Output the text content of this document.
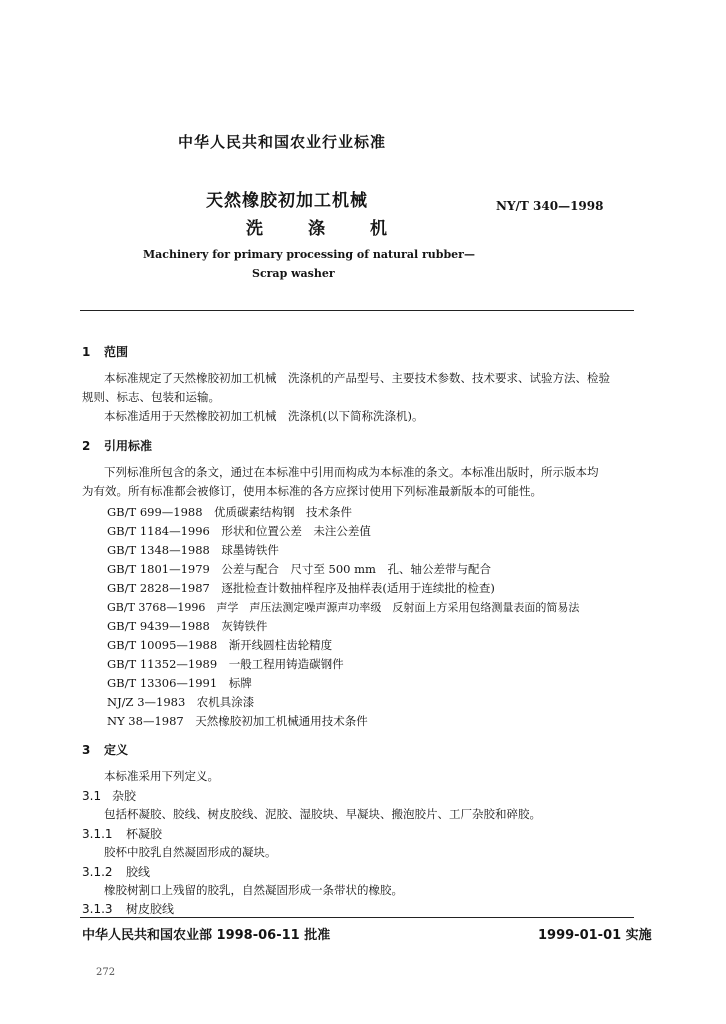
中华人民共和国农业行业标准
天然橡胶初加工机械
洗　涤　机
NY/T 340—1998
Machinery for primary processing of natural rubber—
Scrap washer
1 范围
本标准规定了天然橡胶初加工机械　洗涤机的产品型号、主要技术参数、技术要求、试验方法、检验
规则、标志、包装和运输。
本标准适用于天然橡胶初加工机械　洗涤机(以下简称洗涤机)。
2 引用标准
下列标准所包含的条文，通过在本标准中引用而构成为本标准的条文。本标准出版时，所示版本均
为有效。所有标准都会被修订，使用本标准的各方应探讨使用下列标准最新版本的可能性。
GB/T 699—1988　优质碳素结构钢　技术条件
GB/T 1184—1996　形状和位置公差　未注公差值
GB/T 1348—1988　球墨铸铁件
GB/T 1801—1979　公差与配合　尺寸至 500 mm　孔、轴公差带与配合
GB/T 2828—1987　逐批检查计数抽样程序及抽样表(适用于连续批的检查)
GB/T 3768—1996　声学　声压法测定噪声源声功率级　反射面上方采用包络测量表面的简易法
GB/T 9439—1988　灰铸铁件
GB/T 10095—1988　渐开线圆柱齿轮精度
GB/T 11352—1989　一般工程用铸造碳钢件
GB/T 13306—1991　标牌
NJ/Z 3—1983　农机具涂漆
NY 38—1987　天然橡胶初加工机械通用技术条件
3 定义
本标准采用下列定义。
3.1 杂胶
包括杯凝胶、胶线、树皮胶线、泥胶、湿胶块、早凝块、搬泡胶片、工厂杂胶和碎胶。
3.1.1 杯凝胶
胶杯中胶乳自然凝固形成的凝块。
3.1.2 胶线
橡胶树割口上残留的胶乳，自然凝固形成一条带状的橡胶。
3.1.3 树皮胶线
中华人民共和国农业部 1998-06-11 批准	1999-01-01 实施
272
